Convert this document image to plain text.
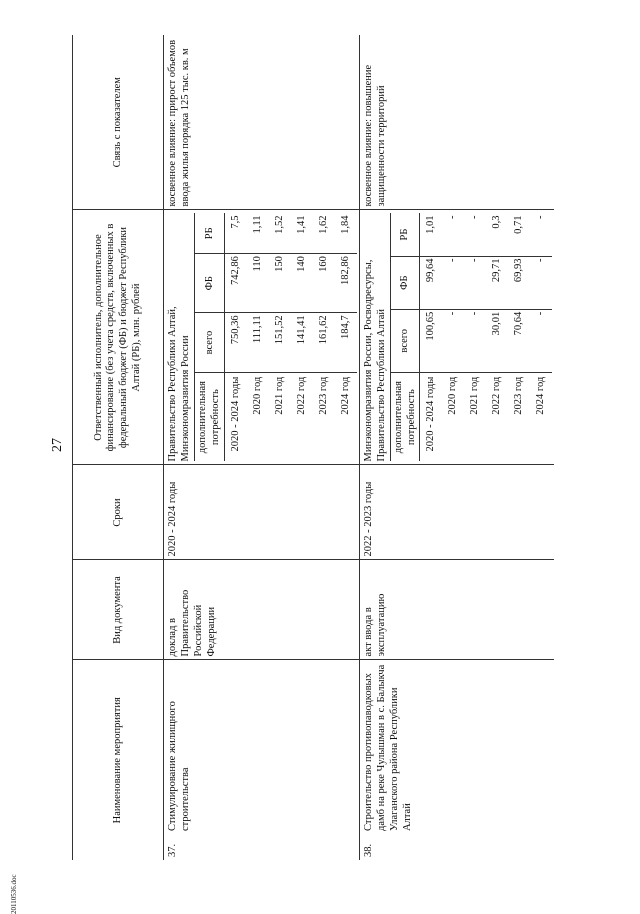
27
20110536.doc
Наименование мероприятия	Вид документа	Сроки	Ответственный исполнитель, дополнительное финансирование (без учета средств, включенных в федеральный бюджет (ФБ) и бюджет Республики Алтай (РБ), млн. рублей	Связь с показателем

37.
Стимулирование жилищного строительства
	доклад в Правительство Российской Федерации	2020 - 2024 годы	
Правительство Республики Алтай, Минэкономразвития России дополнительная потребность	всего	ФБ	РБ
2020 - 2024 годы	750,36	742,86	7,5
2020 год	111,11	110	1,11
2021 год	151,52	150	1,52
2022 год	141,41	140	1,41
2023 год	161,62	160	1,62
2024 год	184,7	182,86	1,84
	косвенное влияние: прирост объемов ввода жилья порядка 125 тыс. кв. м

38.
Строительство противопаводковых дамб на реке Чулышман в с. Балыкча Улаганского района Республики Алтай
	акт ввода в эксплуатацию	2022 - 2023 годы	
Минэкономразвития России, Росводресурсы, Правительство Республики Алтай дополнительная потребность	всего	ФБ	РБ
2020 - 2024 годы	100,65	99,64	1,01
2020 год	-	-	-
2021 год	-	-	-
2022 год	30,01	29,71	0,3
2023 год	70,64	69,93	0,71
2024 год	-	-	-
	косвенное влияние: повышение защищенности территорий
